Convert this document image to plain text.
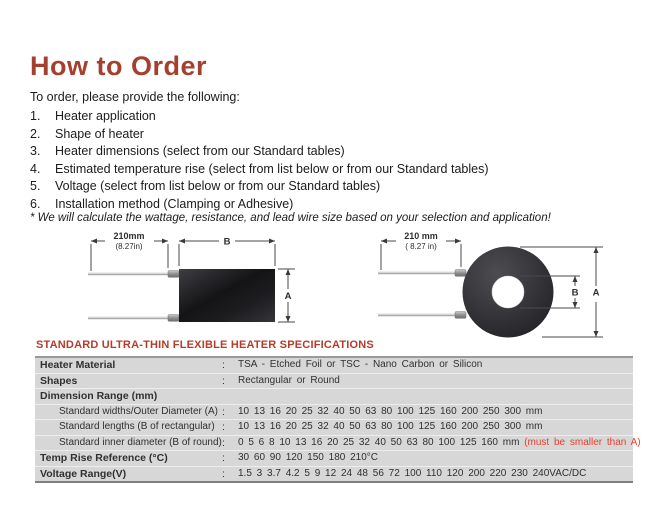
How to Order

To order, please provide the following:

1.	Heater application
2.	Shape of heater
3.	Heater dimensions (select from our Standard tables)
4.	Estimated temperature rise (select from list below or from our Standard tables)
5.	Voltage (select from list below or from our Standard tables)
6.	Installation method (Clamping or Adhesive)

* We will calculate the wattage, resistance, and lead wire size based on your selection and application!

210mm
(8.27in)	B
A
210 mm
( 8.27 in)
B A
STANDARD ULTRA-THIN FLEXIBLE HEATER SPECIFICATIONS
Heater Material	:	TSA - Etched Foil or TSC - Nano Carbon or Silicon
Shapes	:	Rectangular or Round
Dimension Range (mm)
Standard widths/Outer Diameter (A) :	10 13 16 20 25 32 40 50 63 80 100 125 160 200 250 300 mm
Standard lengths (B of rectangular) :	10 13 16 20 25 32 40 50 63 80 100 125 160 200 250 300 mm
Standard inner diameter (B of round) :	0 5 6 8 10 13 16 20 25 32 40 50 63 80 100 125 160 mm (must be smaller than A)
Temp Rise Reference (°C)	:	30 60 90 120 150 180 210°C
Voltage Range(V)	:	1.5 3 3.7 4.2 5 9 12 24 48 56 72 100 110 120 200 220 230 240VAC/DC
